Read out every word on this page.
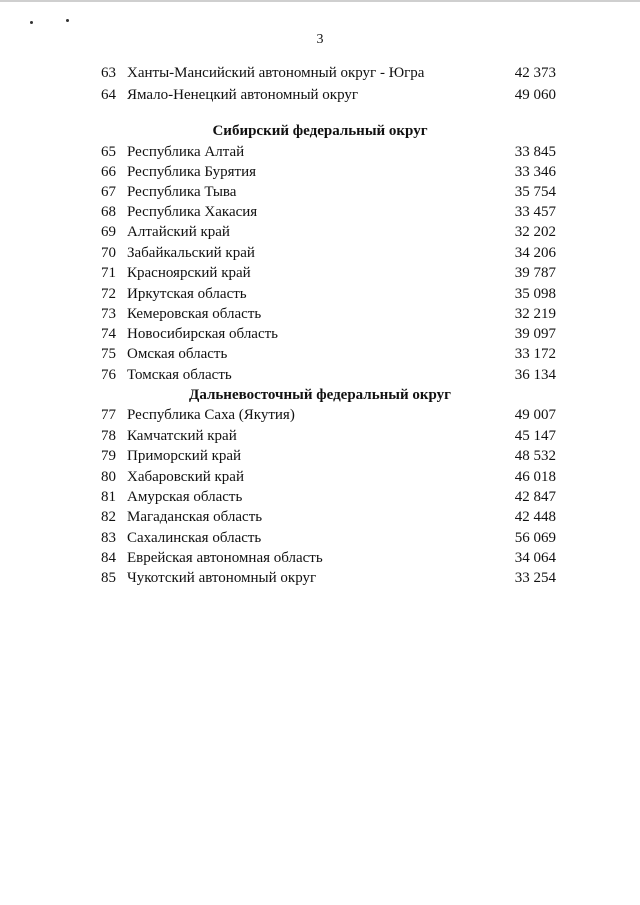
3
63 Ханты-Мансийский автономный округ - Югра	42 373
64 Ямало-Ненецкий автономный округ	49 060
Сибирский федеральный округ
65 Республика Алтай	33 845
66 Республика Бурятия	33 346
67 Республика Тыва	35 754
68 Республика Хакасия	33 457
69 Алтайский край	32 202
70 Забайкальский край	34 206
71 Красноярский край	39 787
72 Иркутская область	35 098
73 Кемеровская область	32 219
74 Новосибирская область	39 097
75 Омская область	33 172
76 Томская область	36 134
Дальневосточный федеральный округ
77 Республика Саха (Якутия)	49 007
78 Камчатский край	45 147
79 Приморский край	48 532
80 Хабаровский край	46 018
81 Амурская область	42 847
82 Магаданская область	42 448
83 Сахалинская область	56 069
84 Еврейская автономная область	34 064
85 Чукотский автономный округ	33 254
